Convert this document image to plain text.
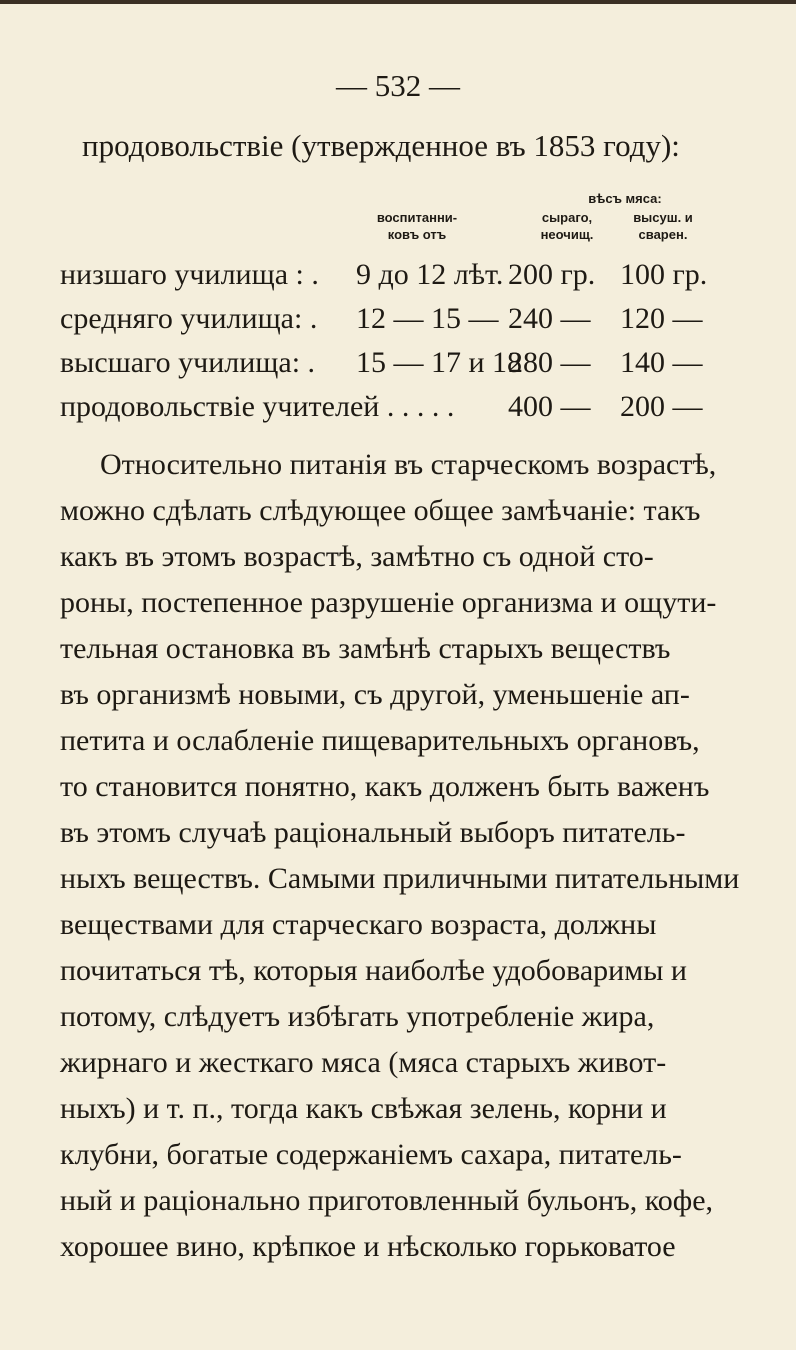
— 532 —
продовольствіе (утвержденное въ 1853 году):
вѣсъ мяса:
воспитанни-
ковъ отъ
сыраго,
неочищ.
высуш. и
сварен.
низшаго училища : . 9 до 12 лѣт. 200 гр. 100 гр.
средняго училища: . 12 — 15 — 240 — 120 —
высшаго училища: . 15 — 17 и 18
280 — 140 —
продовольствіе учителей . . . . . 400 — 200 —
Относительно питанія въ старческомъ возрастѣ,
можно сдѣлать слѣдующее общее замѣчаніе: такъ
какъ въ этомъ возрастѣ, замѣтно съ одной сто-
роны, постепенное разрушеніе организма и ощути-
тельная остановка въ замѣнѣ старыхъ веществъ
въ организмѣ новыми, съ другой, уменьшеніе ап-
петита и ослабленіе пищеварительныхъ органовъ,
то становится понятно, какъ долженъ быть важенъ
въ этомъ случаѣ раціональный выборъ питатель-
ныхъ веществъ. Самыми приличными питательными
веществами для старческаго возраста, должны
почитаться тѣ, которыя наиболѣе удобоваримы и
потому, слѣдуетъ избѣгать употребленіе жира,
жирнаго и жесткаго мяса (мяса старыхъ живот-
ныхъ) и т. п., тогда какъ свѣжая зелень, корни и
клубни, богатые содержаніемъ сахара, питатель-
ный и раціонально приготовленный бульонъ, кофе,
хорошее вино, крѣпкое и нѣсколько горьковатое
